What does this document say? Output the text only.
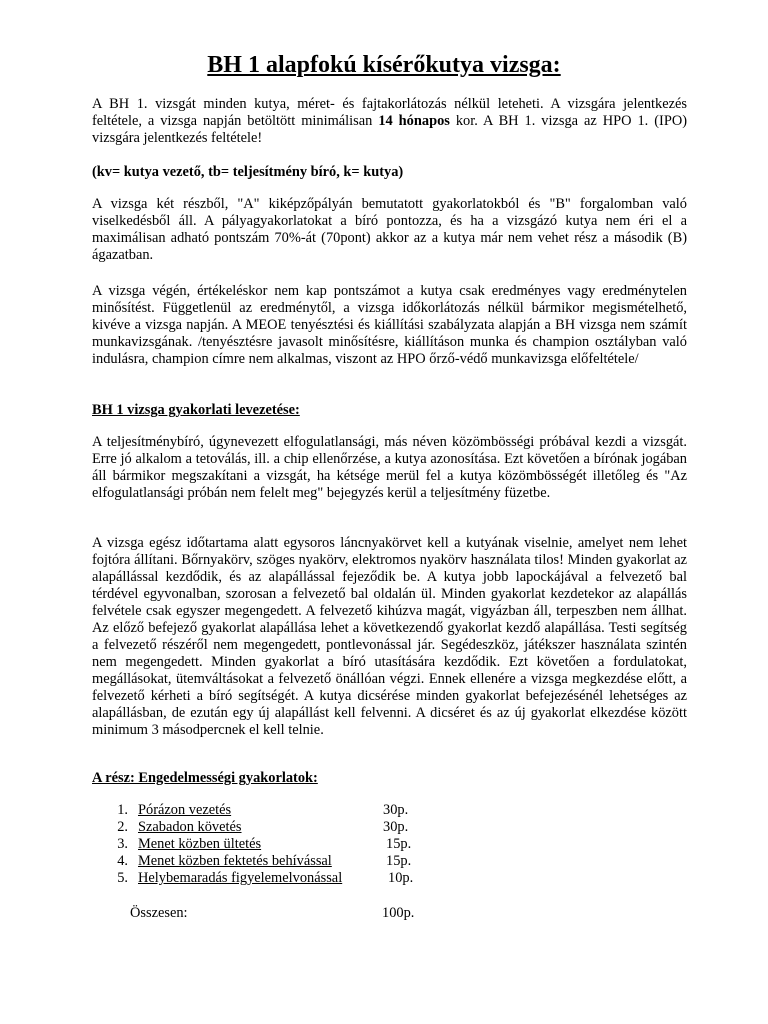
BH 1 alapfokú kísérőkutya vizsga:

A BH 1. vizsgát minden kutya, méret- és fajtakorlátozás nélkül leteheti. A vizsgára jelentkezés feltétele, a vizsga napján betöltött minimálisan 14 hónapos kor. A BH 1. vizsga az HPO 1. (IPO) vizsgára jelentkezés feltétele!

(kv= kutya vezető, tb= teljesítmény bíró, k= kutya)

A vizsga két részből, "A" kiképzőpályán bemutatott gyakorlatokból és "B" forgalomban való viselkedésből áll. A pályagyakorlatokat a bíró pontozza, és ha a vizsgázó kutya nem éri el a maximálisan adható pontszám 70%-át (70pont) akkor az a kutya már nem vehet rész a második (B) ágazatban.

A vizsga végén, értékeléskor nem kap pontszámot a kutya csak eredményes vagy eredménytelen minősítést. Függetlenül az eredménytől, a vizsga időkorlátozás nélkül bármikor megismételhető, kivéve a vizsga napján. A MEOE tenyésztési és kiállítási szabályzata alapján a BH vizsga nem számít munkavizsgának. /tenyésztésre javasolt minősítésre, kiállításon munka és champion osztályban való indulásra, champion címre nem alkalmas, viszont az HPO őrző-védő munkavizsga előfeltétele/

BH 1 vizsga gyakorlati levezetése:

A teljesítménybíró, úgynevezett elfogulatlansági, más néven közömbösségi próbával kezdi a vizsgát. Erre jó alkalom a tetoválás, ill. a chip ellenőrzése, a kutya azonosítása. Ezt követően a bírónak jogában áll bármikor megszakítani a vizsgát, ha kétsége merül fel a kutya közömbösségét illetőleg és "Az elfogulatlansági próbán nem felelt meg" bejegyzés kerül a teljesítmény füzetbe.

A vizsga egész időtartama alatt egysoros láncnyakörvet kell a kutyának viselnie, amelyet nem lehet fojtóra állítani. Bőrnyakörv, szöges nyakörv, elektromos nyakörv használata tilos! Minden gyakorlat az alapállással kezdődik, és az alapállással fejeződik be. A kutya jobb lapockájával a felvezető bal térdével egyvonalban, szorosan a felvezető bal oldalán ül. Minden gyakorlat kezdetekor az alapállás felvétele csak egyszer megengedett. A felvezető kihúzva magát, vigyázban áll, terpeszben nem állhat. Az előző befejező gyakorlat alapállása lehet a következendő gyakorlat kezdő alapállása. Testi segítség a felvezető részéről nem megengedett, pontlevonással jár. Segédeszköz, játékszer használata szintén nem megengedett. Minden gyakorlat a bíró utasítására kezdődik. Ezt követően a fordulatokat, megállásokat, ütemváltásokat a felvezető önállóan végzi. Ennek ellenére a vizsga megkezdése előtt, a felvezető kérheti a bíró segítségét. A kutya dicsérése minden gyakorlat befejezésénél lehetséges az alapállásban, de ezután egy új alapállást kell felvenni. A dicséret és az új gyakorlat elkezdése között minimum 3 másodpercnek el kell telnie.

A rész: Engedelmességi gyakorlatok:

1. Pórázon vezetés	30p.
2. Szabadon követés	30p.
3. Menet közben ültetés	15p.
4. Menet közben fektetés behívással	15p.
5. Helybemaradás figyelemelvonással	10p.
Összesen:	100p.
